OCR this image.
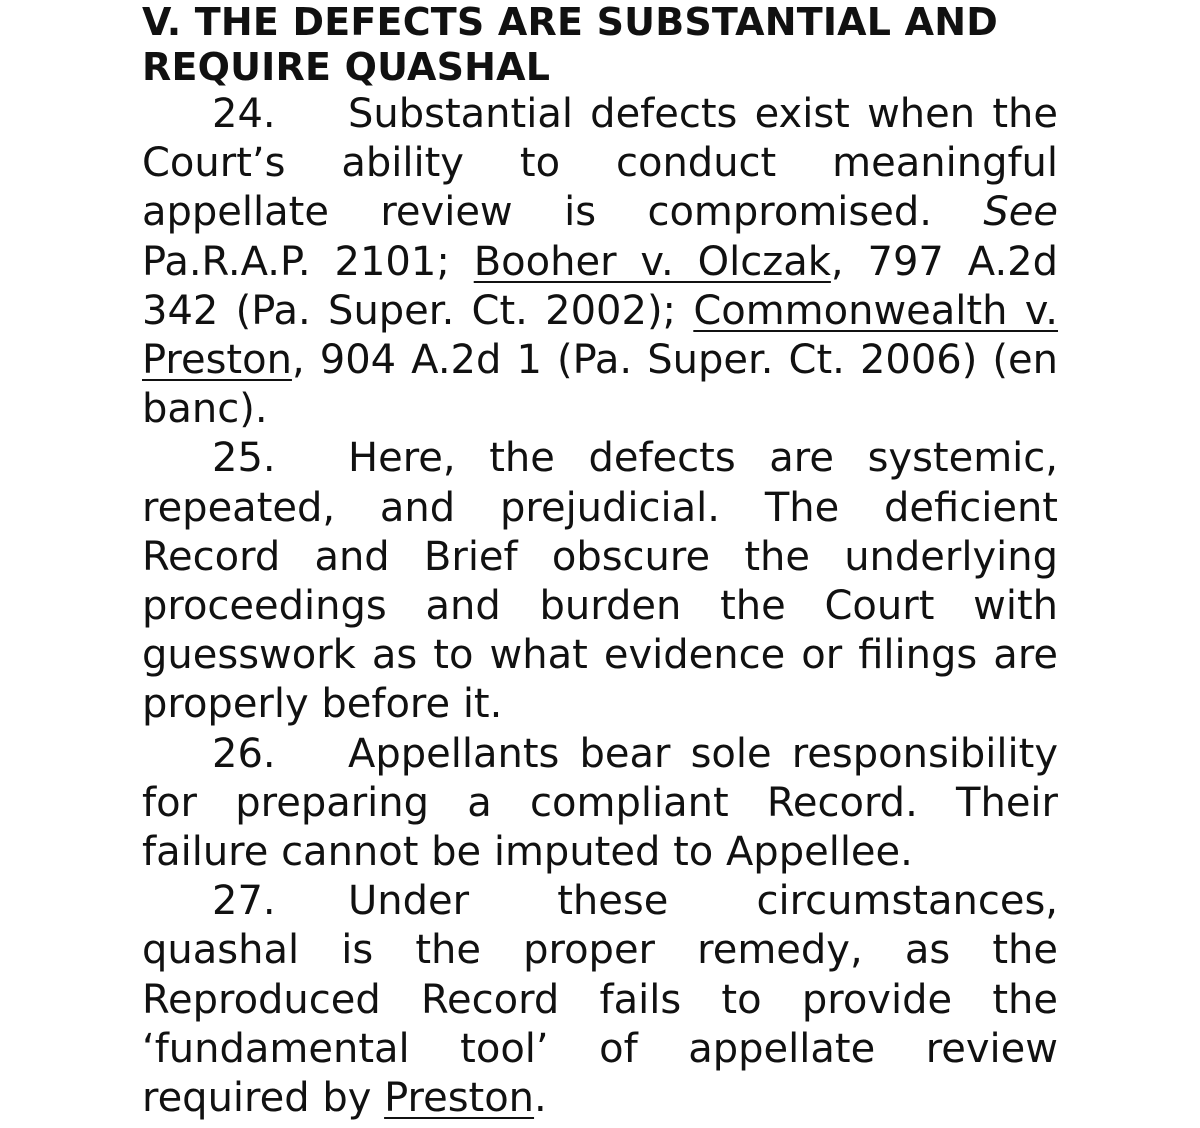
V. THE DEFECTS ARE SUBSTANTIAL AND REQUIRE QUASHAL

24. Substantial defects exist when the Court’s ability to conduct meaningful appellate review is compromised. See Pa.R.A.P. 2101; Booher v. Olczak, 797 A.2d 342 (Pa. Super. Ct. 2002); Commonwealth v. Preston, 904 A.2d 1 (Pa. Super. Ct. 2006) (en banc).

25. Here, the defects are systemic, repeated, and prejudicial. The deficient Record and Brief obscure the underlying proceedings and burden the Court with guesswork as to what evidence or filings are properly before it.

26. Appellants bear sole responsibility for preparing a compliant Record. Their failure cannot be imputed to Appellee.

27. Under these circumstances, quashal is the proper remedy, as the Reproduced Record fails to provide the ‘fundamental tool’ of appellate review required by Preston.
